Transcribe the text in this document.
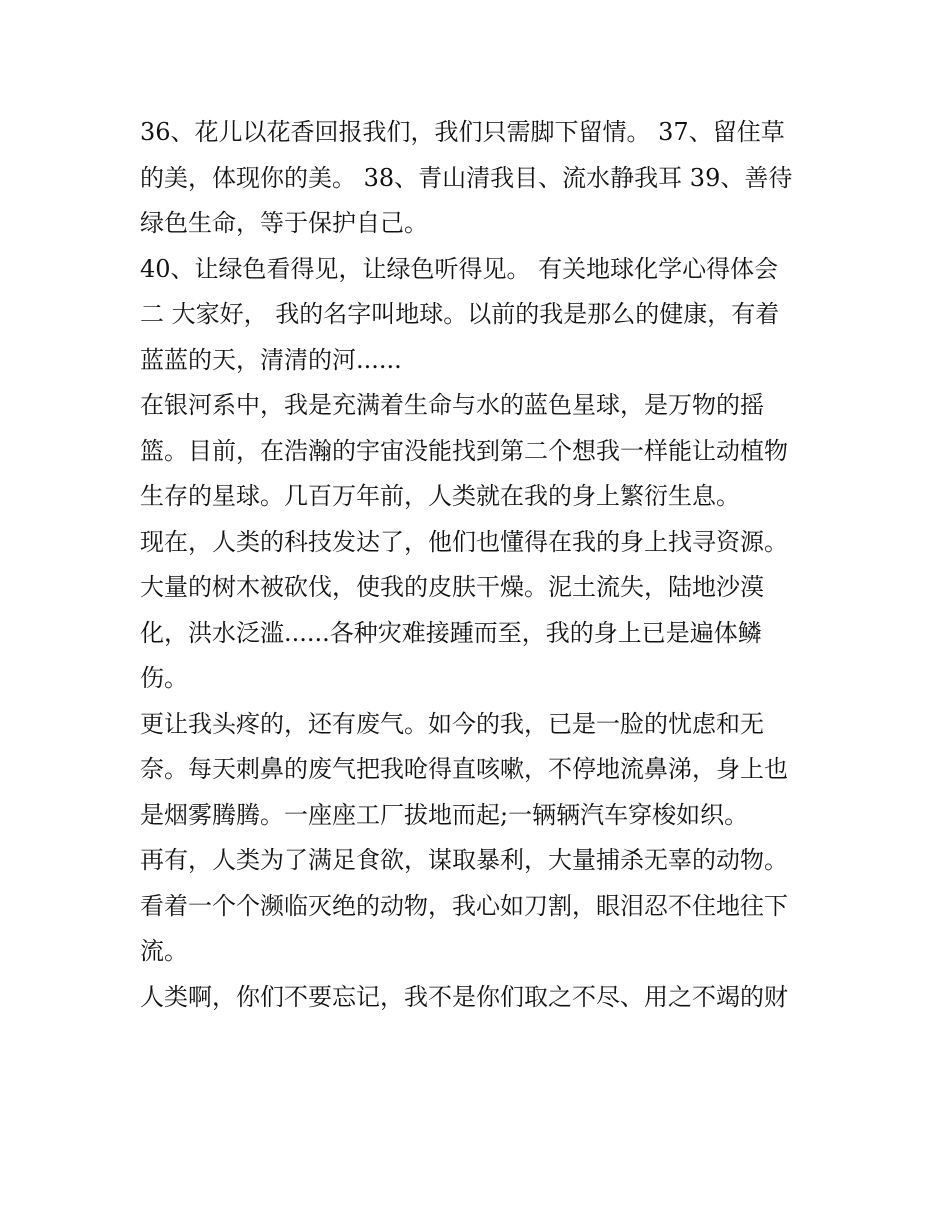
36、花儿以花香回报我们，我们只需脚下留情。 37、留住草
的美，体现你的美。 38、青山清我目、流水静我耳 39、善待
绿色生命，等于保护自己。
40、让绿色看得见，让绿色听得见。 有关地球化学心得体会
二 大家好， 我的名字叫地球。以前的我是那么的健康，有着
蓝蓝的天，清清的河......
在银河系中，我是充满着生命与水的蓝色星球，是万物的摇
篮。目前，在浩瀚的宇宙没能找到第二个想我一样能让动植物
生存的星球。几百万年前，人类就在我的身上繁衍生息。
现在，人类的科技发达了，他们也懂得在我的身上找寻资源。
大量的树木被砍伐，使我的皮肤干燥。泥土流失，陆地沙漠
化，洪水泛滥......各种灾难接踵而至，我的身上已是遍体鳞
伤。
更让我头疼的，还有废气。如今的我，已是一脸的忧虑和无
奈。每天刺鼻的废气把我呛得直咳嗽，不停地流鼻涕，身上也
是烟雾腾腾。一座座工厂拔地而起;一辆辆汽车穿梭如织。
再有，人类为了满足食欲，谋取暴利，大量捕杀无辜的动物。
看着一个个濒临灭绝的动物，我心如刀割，眼泪忍不住地往下
流。
人类啊，你们不要忘记，我不是你们取之不尽、用之不竭的财
